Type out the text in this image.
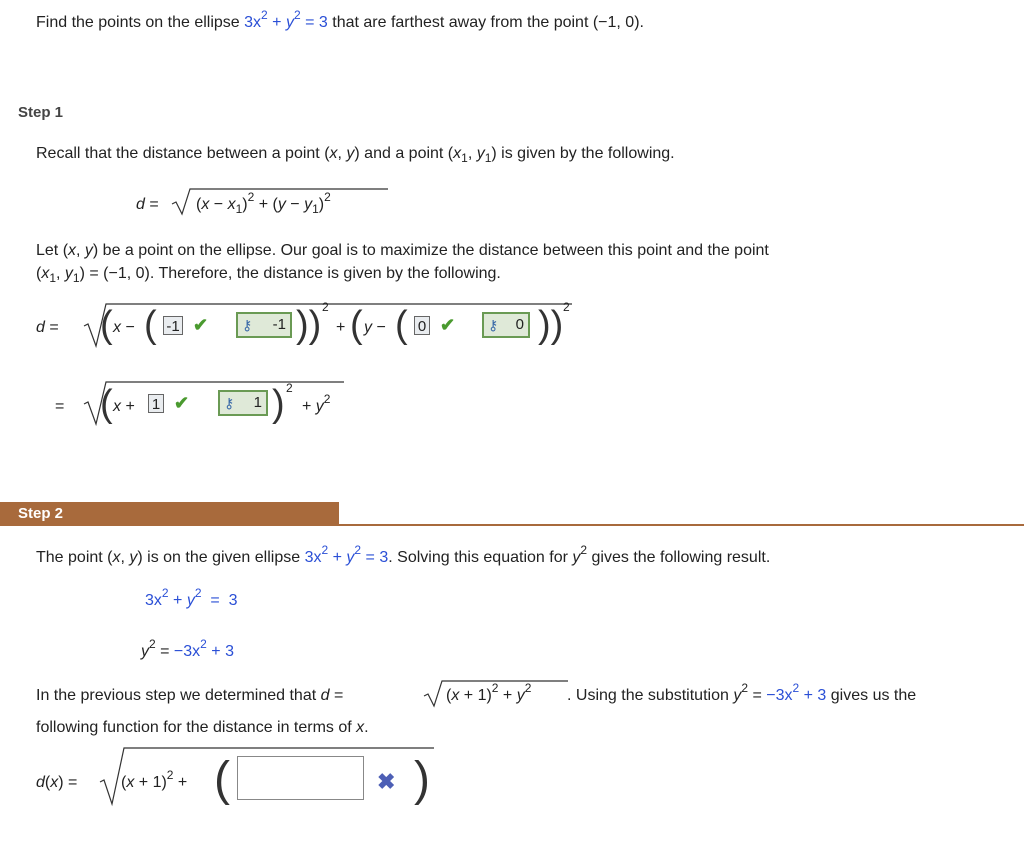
Find the points on the ellipse $3x^2 + y^2 = 3$ that are farthest away from the point (−1, 0).
Step 1
Recall that the distance between a point (x, y) and a point ($x_1$, $y_1$) is given by the following.
$d = (x - x_1)^2 + (y - y_1)^2$
Let (x, y) be a point on the ellipse. Our goal is to maximize the distance between this point and the point
($x_1$, $y_1) = (-1$, 0). Therefore, the distance is given by the following.
d = ( x − ( -1 ✔	⚷ -1 )) 2
+ ( y − ( 0 ✔	⚷ 0 )) 2
= ( x + 1 ✔	⚷ 1 ) 2
+ $y^2$
Step 2
The point (x, y) is on the given ellipse $3x^2 + y^2 = 3$. Solving this equation for $y^2$ gives the following result.
$3x^2 + y^2 = 3$
$y^2 = -3x^2 + 3$
In the previous step we determined that d =	$(x + 1)^2 + y^2$ . Using the substitution $y^2 = -3x^2 + 3$ gives us the
following function for the distance in terms of x.
d(x) =	$(x + 1)^2$ + (	✖ )
